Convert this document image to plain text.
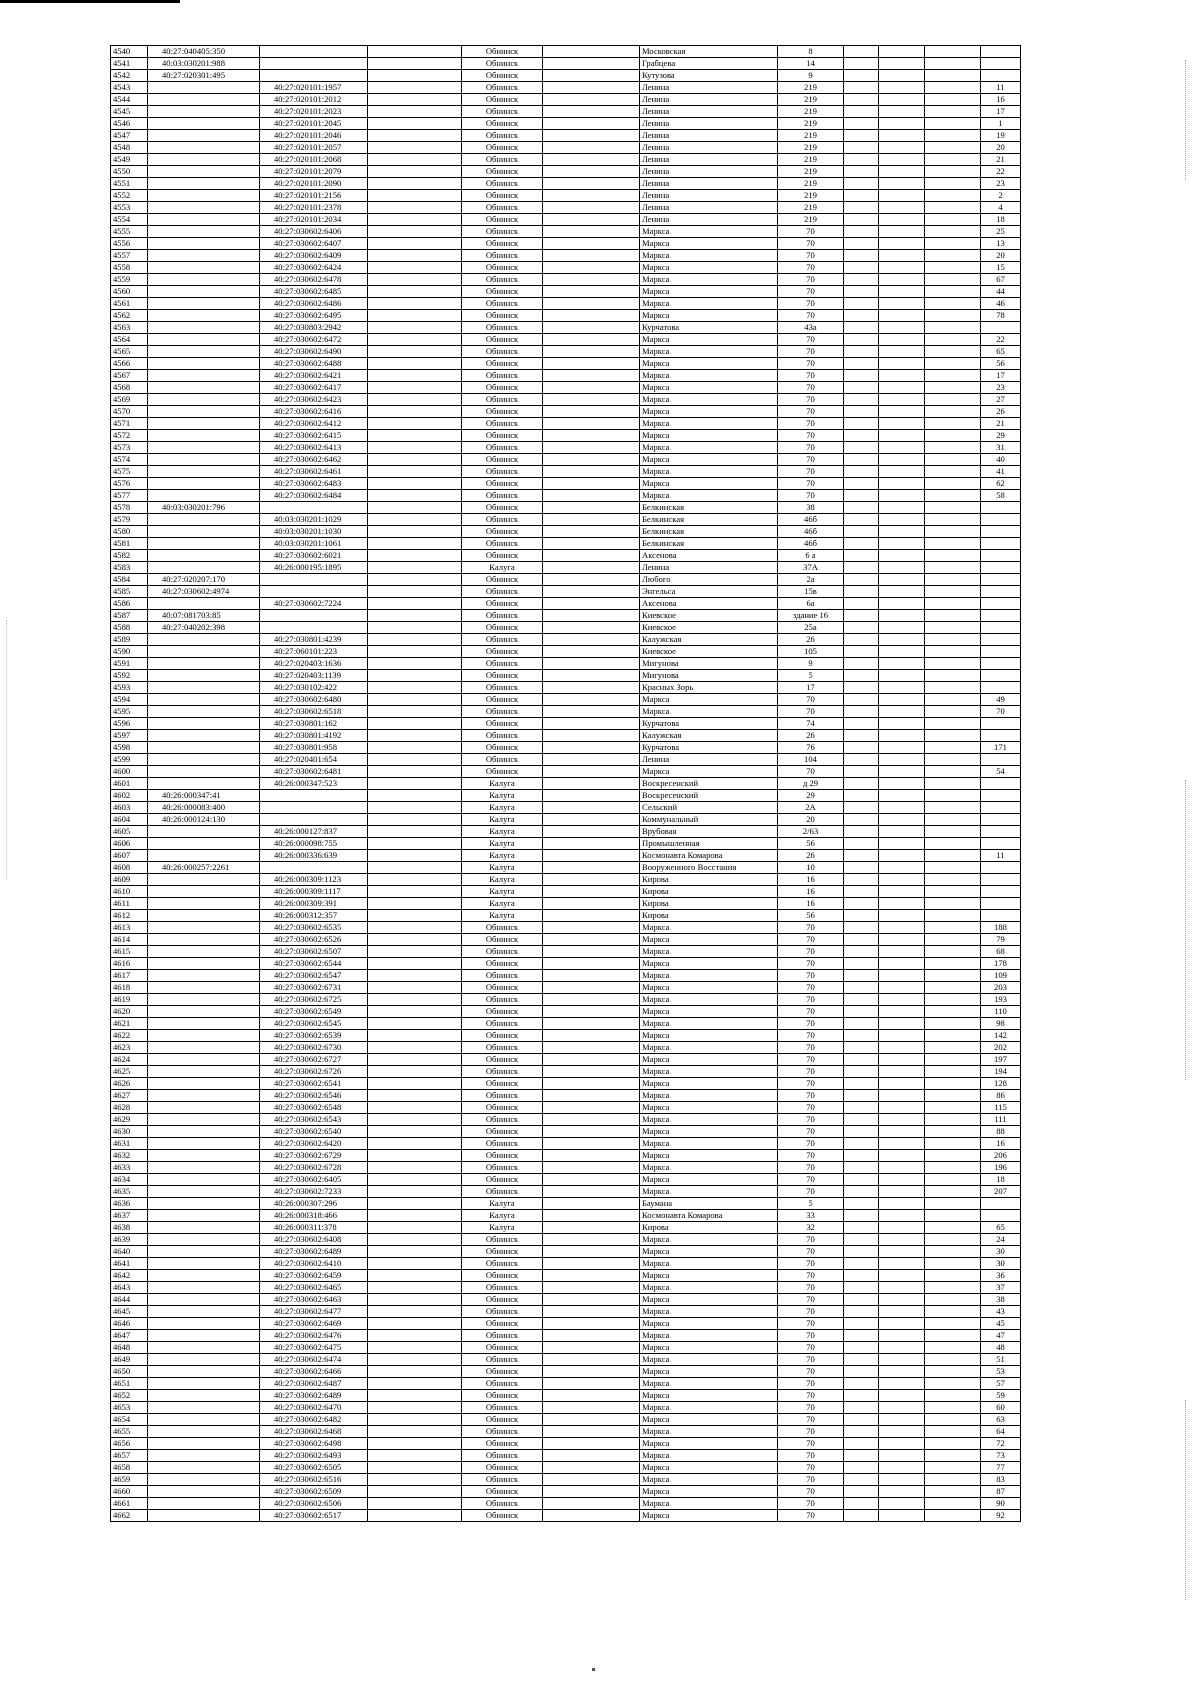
4540	40:27:040405:350			Обнинск		Московская	8				
4541	40:03:030201:988			Обнинск		Грабцевa	14				
4542	40:27:020301:495			Обнинск		Кутузова	9				
4543		40:27:020101:1957		Обнинск		Ленина	219				11
4544		40:27:020101:2012		Обнинск		Ленина	219				16
4545		40:27:020101:2023		Обнинск		Ленина	219				17
4546		40:27:020101:2045		Обнинск		Ленина	219				1
4547		40:27:020101:2046		Обнинск		Ленина	219				19
4548		40:27:020101:2057		Обнинск		Ленина	219				20
4549		40:27:020101:2068		Обнинск		Ленина	219				21
4550		40:27:020101:2079		Обнинск		Ленина	219				22
4551		40:27:020101:2090		Обнинск		Ленина	219				23
4552		40:27:020101:2156		Обнинск		Ленина	219				2
4553		40:27:020101:2378		Обнинск		Ленина	219				4
4554		40:27:020101:2034		Обнинск		Ленина	219				18
4555		40:27:030602:6406		Обнинск		Маркса	70				25
4556		40:27:030602:6407		Обнинск		Маркса	70				13
4557		40:27:030602:6409		Обнинск		Маркса	70				20
4558		40:27:030602:6424		Обнинск		Маркса	70				15
4559		40:27:030602:6478		Обнинск		Маркса	70				67
4560		40:27:030602:6485		Обнинск		Маркса	70				44
4561		40:27:030602:6486		Обнинск		Маркса	70				46
4562		40:27:030602:6495		Обнинск		Маркса	70				78
4563		40:27:030803:2942		Обнинск		Курчатова	43а				
4564		40:27:030602:6472		Обнинск		Маркса	70				22
4565		40:27:030602:6490		Обнинск		Маркса	70				65
4566		40:27:030602:6488		Обнинск		Маркса	70				56
4567		40:27:030602:6421		Обнинск		Маркса	70				17
4568		40:27:030602:6417		Обнинск		Маркса	70				23
4569		40:27:030602:6423		Обнинск		Маркса	70				27
4570		40:27:030602:6416		Обнинск		Маркса	70				26
4571		40:27:030602:6412		Обнинск		Маркса	70				21
4572		40:27:030602:6415		Обнинск		Маркса	70				29
4573		40:27:030602:6413		Обнинск		Маркса	70				31
4574		40:27:030602:6462		Обнинск		Маркса	70				40
4575		40:27:030602:6461		Обнинск		Маркса	70				41
4576		40:27:030602:6483		Обнинск		Маркса	70				62
4577		40:27:030602:6484		Обнинск		Маркса	70				58
4578	40:03:030201:796			Обнинск		Белкинская	38				
4579		40:03:030201:1029		Обнинск		Белкинская	46б				
4580		40:03:030201:1030		Обнинск		Белкинская	46б				
4581		40:03:030201:1061		Обнинск		Белкинская	46б				
4582		40:27:030602:6021		Обнинск		Аксенова	6 а				
4583		40:26:000195:1895		Калуга		Ленина	37А				
4584	40:27:020207:170			Обнинск		Любого	2а				
4585	40:27:030602:4974			Обнинск		Энгельса	15в				
4586		40:27:030602:7224		Обнинск		Аксенова	6а				
4587	40:07:081703:85			Обнинск		Киевское	здание 16				
4588	40:27:040202:398			Обнинск		Киевское	25а				
4589		40:27:030801:4239		Обнинск		Калужская	26				
4590		40:27:060101:223		Обнинск		Киевское	105				
4591		40:27:020403:1636		Обнинск		Мигунова	9				
4592		40:27:020403:1139		Обнинск		Мигунова	5				
4593		40:27:030102:422		Обнинск		Красных Зорь	17				
4594		40:27:030602:6480		Обнинск		Маркса	70				49
4595		40:27:030602:6518		Обнинск		Маркса	70				70
4596		40:27:030801:162		Обнинск		Курчатова	74				
4597		40:27:030801:4192		Обнинск		Калужская	26				
4598		40:27:030801:958		Обнинск		Курчатова	76				171
4599		40:27:020401:654		Обнинск		Ленина	104				
4600		40:27:030602:6481		Обнинск		Маркса	70				54
4601		40:26:000347:523		Калуга		Воскресенский	д 29				
4602	40:26:000347:41			Калуга		Воскресенский	29				
4603	40:26:000083:400			Калуга		Сельский	2А				
4604	40:26:000124:130			Калуга		Коммунальный	20				
4605		40:26:000127:837		Калуга		Врубовая	2/63				
4606		40:26:000098:755		Калуга		Промышленная	56				
4607		40:26:000336:639		Калуга		Космонавта Комарова	26				11
4608	40:26:000257:2261			Калуга		Вооруженного Восстания	10				
4609		40:26:000309:1123		Калуга		Кирова	16				
4610		40:26:000309:1117		Калуга		Кирова	16				
4611		40:26:000309:391		Калуга		Кирова	16				
4612		40:26:000312:357		Калуга		Кирова	56				
4613		40:27:030602:6535		Обнинск		Маркса	70				188
4614		40:27:030602:6526		Обнинск		Маркса	70				79
4615		40:27:030602:6507		Обнинск		Маркса	70				68
4616		40:27:030602:6544		Обнинск		Маркса	70				178
4617		40:27:030602:6547		Обнинск		Маркса	70				109
4618		40:27:030602:6731		Обнинск		Маркса	70				203
4619		40:27:030602:6725		Обнинск		Маркса	70				193
4620		40:27:030602:6549		Обнинск		Маркса	70				110
4621		40:27:030602:6545		Обнинск		Маркса	70				98
4622		40:27:030602:6539		Обнинск		Маркса	70				142
4623		40:27:030602:6730		Обнинск		Маркса	70				202
4624		40:27:030602:6727		Обнинск		Маркса	70				197
4625		40:27:030602:6726		Обнинск		Маркса	70				194
4626		40:27:030602:6541		Обнинск		Маркса	70				128
4627		40:27:030602:6546		Обнинск		Маркса	70				86
4628		40:27:030602:6548		Обнинск		Маркса	70				115
4629		40:27:030602:6543		Обнинск		Маркса	70				111
4630		40:27:030602:6540		Обнинск		Маркса	70				88
4631		40:27:030602:6420		Обнинск		Маркса	70				16
4632		40:27:030602:6729		Обнинск		Маркса	70				206
4633		40:27:030602:6728		Обнинск		Маркса	70				196
4634		40:27:030602:6405		Обнинск		Маркса	70				18
4635		40:27:030602:7233		Обнинск		Маркса	70				207
4636		40:26:000307:296		Калуга		Баумана	5				
4637		40:26:000318:466		Калуга		Космонавта Комарова	33				
4638		40:26:000311:378		Калуга		Кирова	32				65
4639		40:27:030602:6408		Обнинск		Маркса	70				24
4640		40:27:030602:6489		Обнинск		Маркса	70				30
4641		40:27:030602:6410		Обнинск		Маркса	70				30
4642		40:27:030602:6459		Обнинск		Маркса	70				36
4643		40:27:030602:6465		Обнинск		Маркса	70				37
4644		40:27:030602:6463		Обнинск		Маркса	70				38
4645		40:27:030602:6477		Обнинск		Маркса	70				43
4646		40:27:030602:6469		Обнинск		Маркса	70				45
4647		40:27:030602:6476		Обнинск		Маркса	70				47
4648		40:27:030602:6475		Обнинск		Маркса	70				48
4649		40:27:030602:6474		Обнинск		Маркса	70				51
4650		40:27:030602:6466		Обнинск		Маркса	70				53
4651		40:27:030602:6487		Обнинск		Маркса	70				57
4652		40:27:030602:6489		Обнинск		Маркса	70				59
4653		40:27:030602:6470		Обнинск		Маркса	70				60
4654		40:27:030602:6482		Обнинск		Маркса	70				63
4655		40:27:030602:6468		Обнинск		Маркса	70				64
4656		40:27:030602:6498		Обнинск		Маркса	70				72
4657		40:27:030602:6493		Обнинск		Маркса	70				73
4658		40:27:030602:6505		Обнинск		Маркса	70				77
4659		40:27:030602:6516		Обнинск		Маркса	70				83
4660		40:27:030602:6509		Обнинск		Маркса	70				87
4661		40:27:030602:6506		Обнинск		Маркса	70				90
4662		40:27:030602:6517		Обнинск		Маркса	70				92
